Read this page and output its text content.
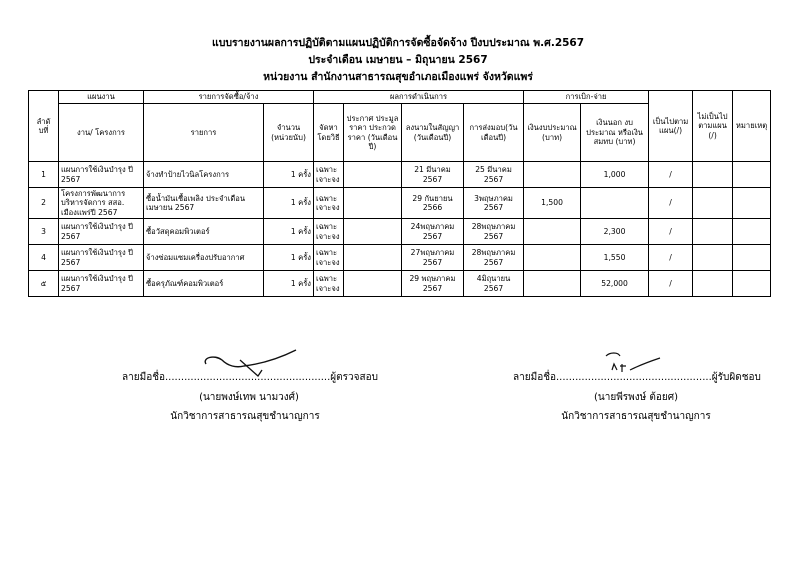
แบบรายงานผลการปฏิบัติตามแผนปฏิบัติการจัดซื้อจัดจ้าง ปีงบประมาณ พ.ศ.2567
ประจำเดือน เมษายน – มิถุนายน 2567
หน่วยงาน สำนักงานสาธารณสุขอำเภอเมืองแพร่ จังหวัดแพร่
ลำดั บที่	แผนงาน	รายการจัดซื้อ/จ้าง		ผลการดำเนินการ				การเบิก-จ่าย		เป็นไปตาม แผน(/)	ไม่เป็นไป ตามแผน (/)	หมายเหตุ
	งาน/ โครงการ	รายการ	จำนวน (หน่วยนับ)	จัดหา โดยวิธี	ประกาศ ประมูลราคา ประกวดราคา (วันเดือนปี)	ลงนามในสัญญา (วันเดือนปี)	การส่งมอบ(วัน เดือนปี)	เงินงบประมาณ (บาท)	เงินนอก งบประมาณ หรือเงินสมทบ (บาท)			
1	แผนการใช้เงินบำรุง ปี 2567	จ้างทำป้ายไวนิลโครงการ	1 ครั้ง	เฉพาะ เจาะจง		21 มีนาคม 2567	25 มีนาคม 2567		1,000	/		
2	โครงการพัฒนาการ บริหารจัดการ สสอ. เมืองแพร่ปี 2567	ซื้อน้ำมันเชื้อเพลิง ประจำเดือน เมษายน 2567	1 ครั้ง	เฉพาะ เจาะจง		29 กันยายน 2566	3พฤษภาคม 2567	1,500		/		
3	แผนการใช้เงินบำรุง ปี 2567	ซื้อวัสดุคอมพิวเตอร์	1 ครั้ง	เฉพาะ เจาะจง		24พฤษภาคม 2567	28พฤษภาคม 2567		2,300	/		
4	แผนการใช้เงินบำรุง ปี 2567	จ้างซ่อมแซมเครื่องปรับอากาศ	1 ครั้ง	เฉพาะ เจาะจง		27พฤษภาคม 2567	28พฤษภาคม 2567		1,550	/		
๕	แผนการใช้เงินบำรุง ปี 2567	ซื้อครุภัณฑ์คอมพิวเตอร์	1 ครั้ง	เฉพาะ เจาะจง		29 พฤษภาคม 2567	4มิถุนายน 2567		52,000	/		
ลายมือชื่อ....................................................ผู้ตรวจสอบ
(นายพงษ์เทพ นามวงศ์)
นักวิชาการสาธารณสุขชำนาญการ
ลายมือชื่อ.................................................ผู้รับผิดชอบ
(นายพีรพงษ์ ต้อยศ)
นักวิชาการสาธารณสุขชำนาญการ
